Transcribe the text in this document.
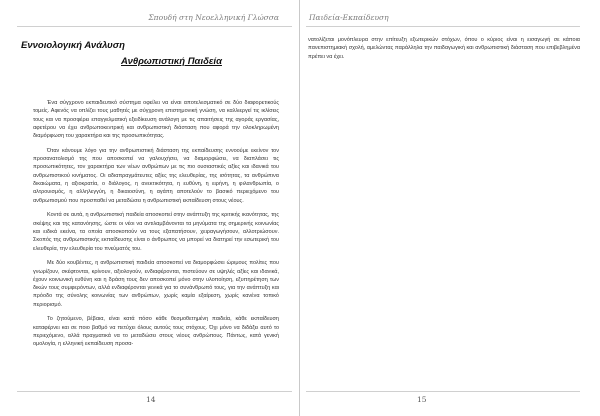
Σπουδή στη Νεοελληνική Γλώσσα
Εννοιολογική Ανάλυση
Ανθρωπιστική Παιδεία

Ένα σύγχρονο εκπαιδευτικό σύστημα οφείλει να είναι αποτελεσματικό σε δύο διαφορετικούς τομείς. Αφενός να οπλίζει τους μαθητές με σύγχρονη επιστημονική γνώση, να καλλιεργεί τις ικλίσεις τους και να προσφέρει επαγγελματική εξειδίκευση ανάλογη με τις απαιτήσεις της αγοράς εργασίας, αφετέρου να έχει ανθρωποκεντρική και ανθρωπιστική διάσταση που αφορά την ολοκληρωμένη διαμόρφωση του χαρακτήρα και της προσωπικότητας.

Όταν κάνουμε λόγο για την ανθρωπιστική διάσταση της εκπαίδευσης εννοούμε εκείνον τον προσανατολισμό της που αποσκοπεί να γαλουχήσει, να διαμορφώσει, να διαπλάσει τις προσωπικότητες, τον χαρακτήρα των νέων ανθρώπων με τις πιο ουσιαστικές αξίες και ιδανικά του ανθρωπιστικού κινήματος. Οι αδιαπραγμάτευτες αξίες της ελευθερίας, της ισότητας, τα ανθρώπινα δικαιώματα, η αξιοκρατία, ο διάλογος, η ανεκτικότητα, η ευθύνη, η ειρήνη, η φιλανθρωπία, ο αλτρουισμός, η αλληλεγγύη, η δικαιοσύνη, η αγάπη αποτελούν το βασικό περιεχόμενο του ανθρωπισμού που προσπαθεί να μεταδώσει η ανθρωπιστική εκπαίδευση στους νέους.

Κοντά σε αυτά, η ανθρωπιστική παιδεία αποσκοπεί στην ανάπτυξη της κριτικής ικανότητας, της σκέψης και της κατανόησης, ώστε οι νέοι να αντιλαμβάνονται τα μηνύματα της σημερινής κοινωνίας και ειδικά εκείνα, τα οποία αποσκοπούν να τους εξαπατήσουν, χειραγωγήσουν, αλλοτριώσουν. Σκοπός της ανθρωπιστικής εκπαίδευσης είναι ο άνθρωπος να μπορεί να διατηρεί την εσωτερική του ελευθερία, την ελευθερία του πνεύματός του.

Με δύο κουβέντες, η ανθρωπιστική παιδεία αποσκοπεί να διαμορφώσει ώριμους πολίτες που γνωρίζουν, σκέφτονται, κρίνουν, αξιολογούν, ενδιαφέρονται, πιστεύουν σε υψηλές αξίες και ιδανικά, έχουν κοινωνική ευθύνη και η δράση τους δεν αποσκοπεί μόνο στην υλοποίηση, εξυπηρέτηση των δικών τους συμφερόντων, αλλά ενδιαφέρονται γενικά για το συνάνθρωπό τους, για την ανάπτυξη και πρόοδο της σύνολης κοινωνίας των ανθρώπων, χωρίς καμία εξαίρεση, χωρίς κανένα τοπικό περιορισμό.

Το ζητούμενο, βέβαια, είναι κατά πόσο κάθε θεσμοθετημένη παιδεία, κάθε εκπαίδευση καταφέρνει και σε ποιο βαθμό να πετύχει όλους αυτούς τους στόχους. Όχι μόνο να διδάξει αυτό το περιεχόμενο, αλλά πραγματικά να το μεταδώσει στους νέους ανθρώπους. Πάντως, κατά γενική ομολογία, η ελληνική εκπαίδευση προσα-

14
Παιδεία-Εκπαίδευση

νατολίζεται μονόπλευρα στην επίτευξη εξωτερικών στόχων, όπου ο κύριος είναι η εισαγωγή σε κάποια πανεπιστημιακή σχολή, αμελώντας παράλληλα την παιδαγωγική και ανθρωπιστική διάσταση που επιβεβλημένα πρέπει να έχει.

15
